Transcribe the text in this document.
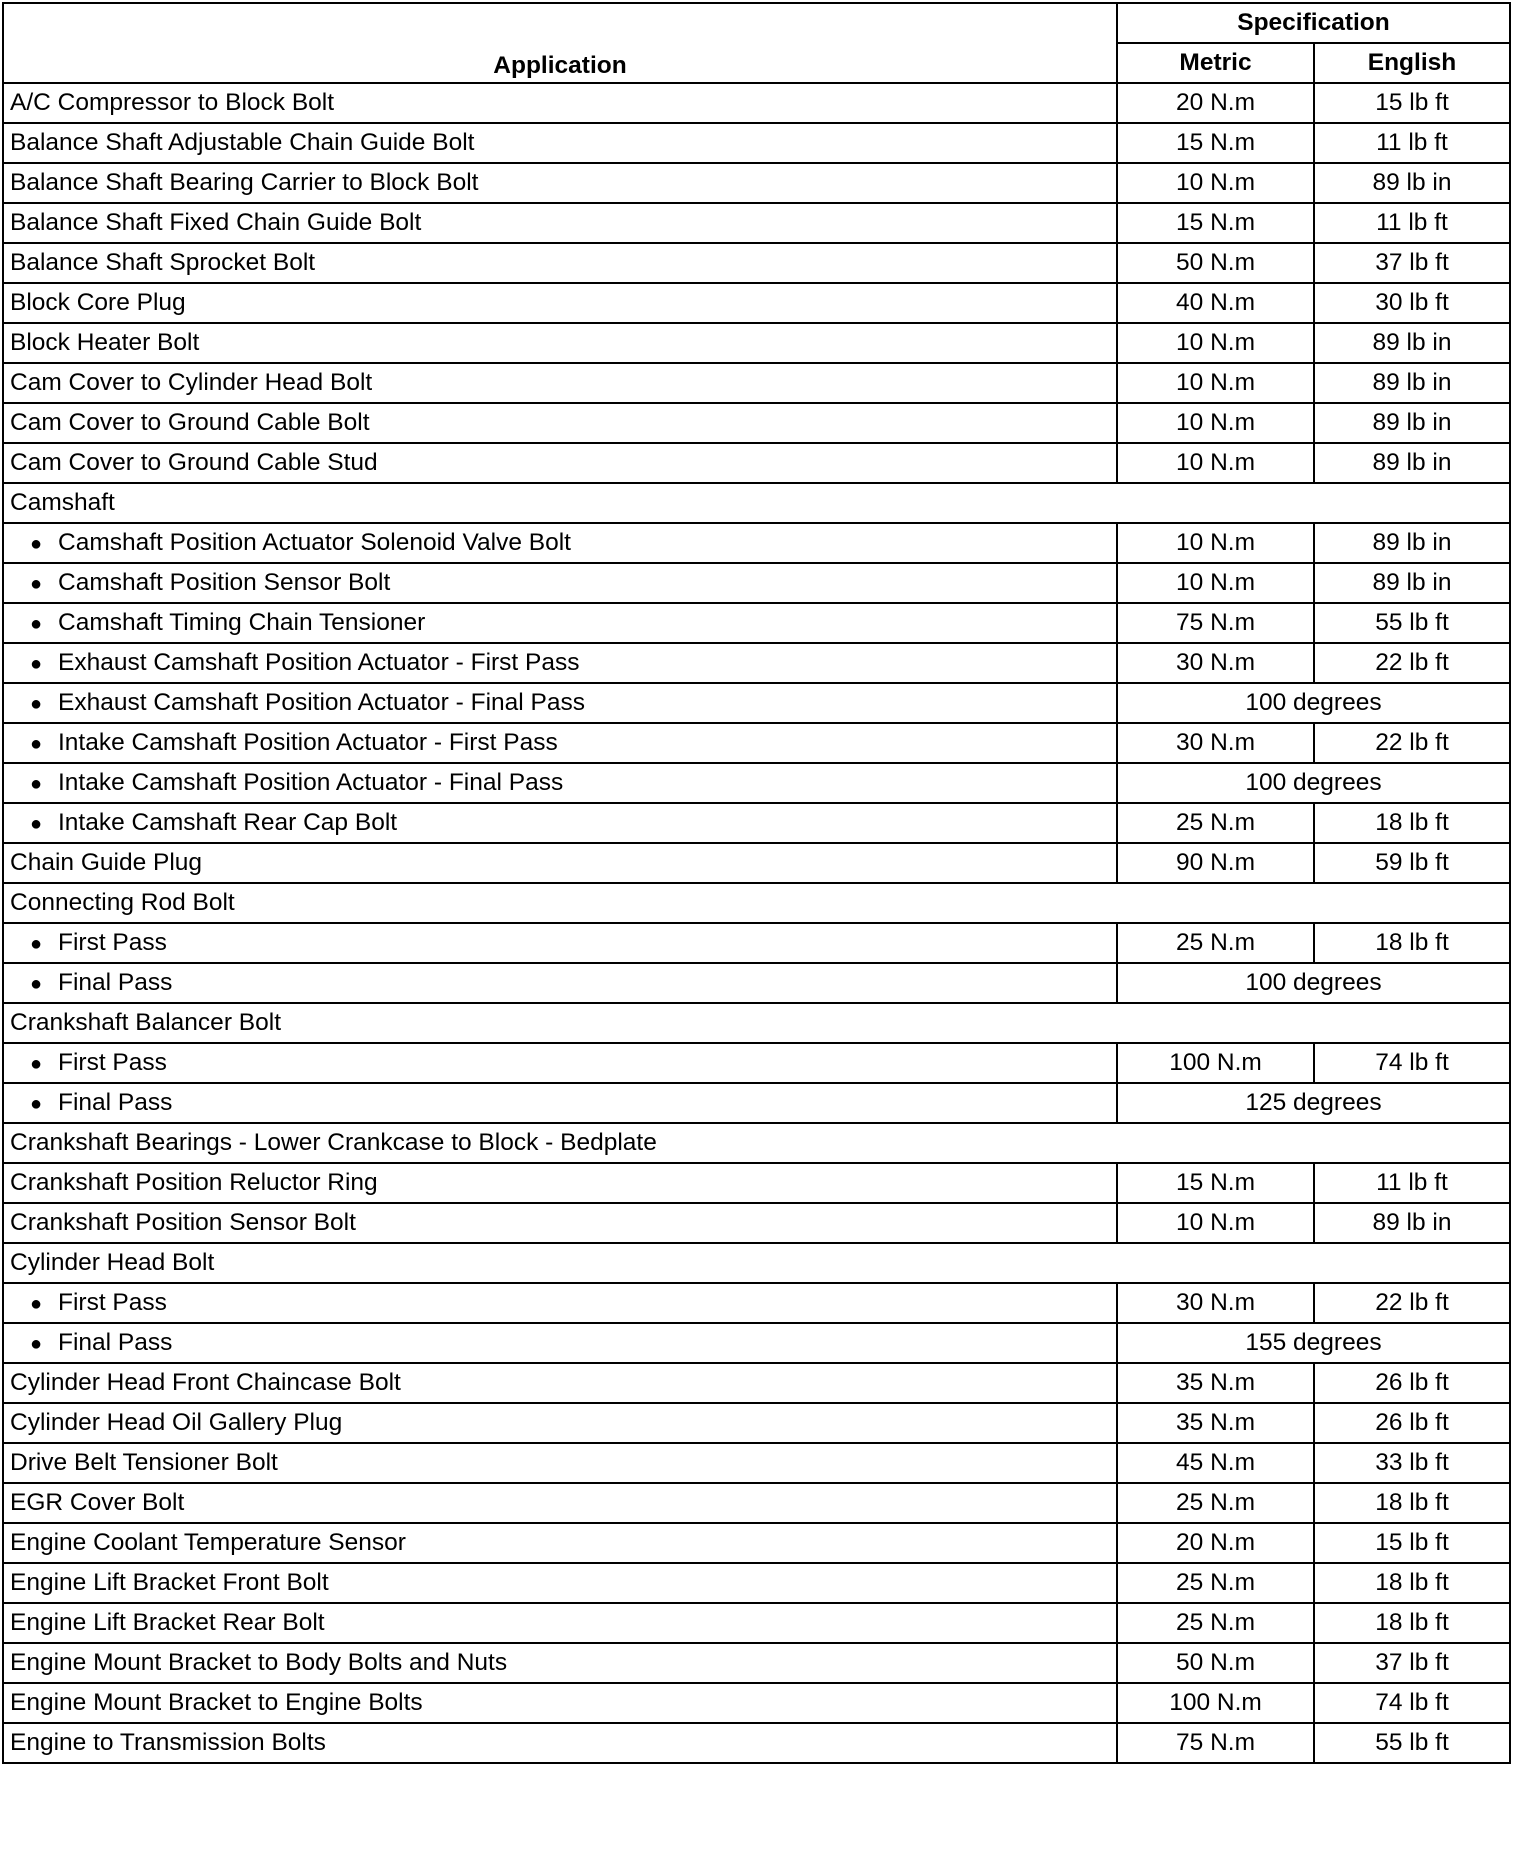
Application	Specification	
	Metric	English
A/C Compressor to Block Bolt	20 N.m	15 lb ft
Balance Shaft Adjustable Chain Guide Bolt	15 N.m	11 lb ft
Balance Shaft Bearing Carrier to Block Bolt	10 N.m	89 lb in
Balance Shaft Fixed Chain Guide Bolt	15 N.m	11 lb ft
Balance Shaft Sprocket Bolt	50 N.m	37 lb ft
Block Core Plug	40 N.m	30 lb ft
Block Heater Bolt	10 N.m	89 lb in
Cam Cover to Cylinder Head Bolt	10 N.m	89 lb in
Cam Cover to Ground Cable Bolt	10 N.m	89 lb in
Cam Cover to Ground Cable Stud	10 N.m	89 lb in
Camshaft		
●Camshaft Position Actuator Solenoid Valve Bolt	10 N.m	89 lb in
●Camshaft Position Sensor Bolt	10 N.m	89 lb in
●Camshaft Timing Chain Tensioner	75 N.m	55 lb ft
●Exhaust Camshaft Position Actuator - First Pass	30 N.m	22 lb ft
●Exhaust Camshaft Position Actuator - Final Pass	100 degrees	
●Intake Camshaft Position Actuator - First Pass	30 N.m	22 lb ft
●Intake Camshaft Position Actuator - Final Pass	100 degrees	
●Intake Camshaft Rear Cap Bolt	25 N.m	18 lb ft
Chain Guide Plug	90 N.m	59 lb ft
Connecting Rod Bolt		
●First Pass	25 N.m	18 lb ft
●Final Pass	100 degrees	
Crankshaft Balancer Bolt		
●First Pass	100 N.m	74 lb ft
●Final Pass	125 degrees	
Crankshaft Bearings - Lower Crankcase to Block - Bedplate		
Crankshaft Position Reluctor Ring	15 N.m	11 lb ft
Crankshaft Position Sensor Bolt	10 N.m	89 lb in
Cylinder Head Bolt		
●First Pass	30 N.m	22 lb ft
●Final Pass	155 degrees	
Cylinder Head Front Chaincase Bolt	35 N.m	26 lb ft
Cylinder Head Oil Gallery Plug	35 N.m	26 lb ft
Drive Belt Tensioner Bolt	45 N.m	33 lb ft
EGR Cover Bolt	25 N.m	18 lb ft
Engine Coolant Temperature Sensor	20 N.m	15 lb ft
Engine Lift Bracket Front Bolt	25 N.m	18 lb ft
Engine Lift Bracket Rear Bolt	25 N.m	18 lb ft
Engine Mount Bracket to Body Bolts and Nuts	50 N.m	37 lb ft
Engine Mount Bracket to Engine Bolts	100 N.m	74 lb ft
Engine to Transmission Bolts	75 N.m	55 lb ft
